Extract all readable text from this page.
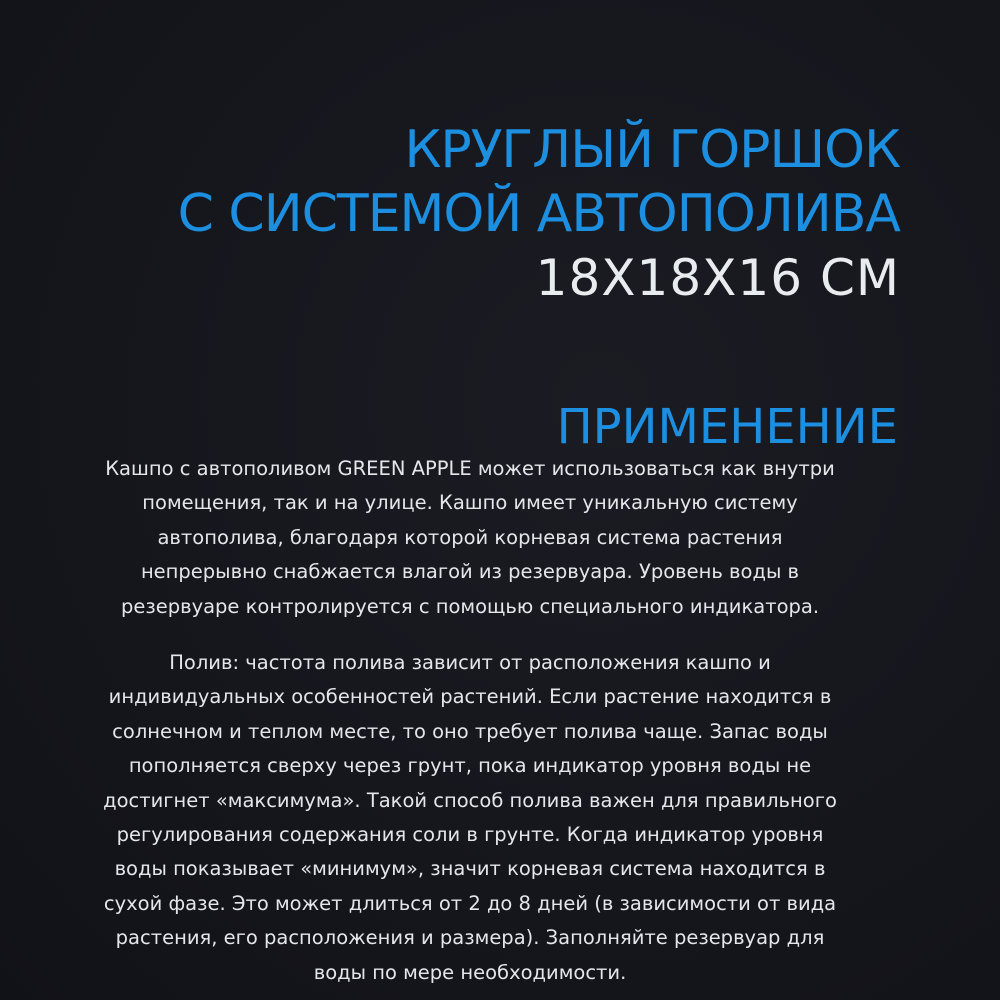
КРУГЛЫЙ ГОРШОК
С СИСТЕМОЙ АВТОПОЛИВА
18X18X16 СМ
ПРИМЕНЕНИЕ

Кашпо с автополивом GREEN APPLE может использоваться как внутри
помещения, так и на улице. Кашпо имеет уникальную систему
автополива, благодаря которой корневая система растения
непрерывно снабжается влагой из резервуара. Уровень воды в
резервуаре контролируется с помощью специального индикатора.

Полив: частота полива зависит от расположения кашпо и
индивидуальных особенностей растений. Если растение находится в
солнечном и теплом месте, то оно требует полива чаще. Запас воды
пополняется сверху через грунт, пока индикатор уровня воды не
достигнет «максимума». Такой способ полива важен для правильного
регулирования содержания соли в грунте. Когда индикатор уровня
воды показывает «минимум», значит корневая система находится в
сухой фазе. Это может длиться от 2 до 8 дней (в зависимости от вида
растения, его расположения и размера). Заполняйте резервуар для
воды по мере необходимости.
